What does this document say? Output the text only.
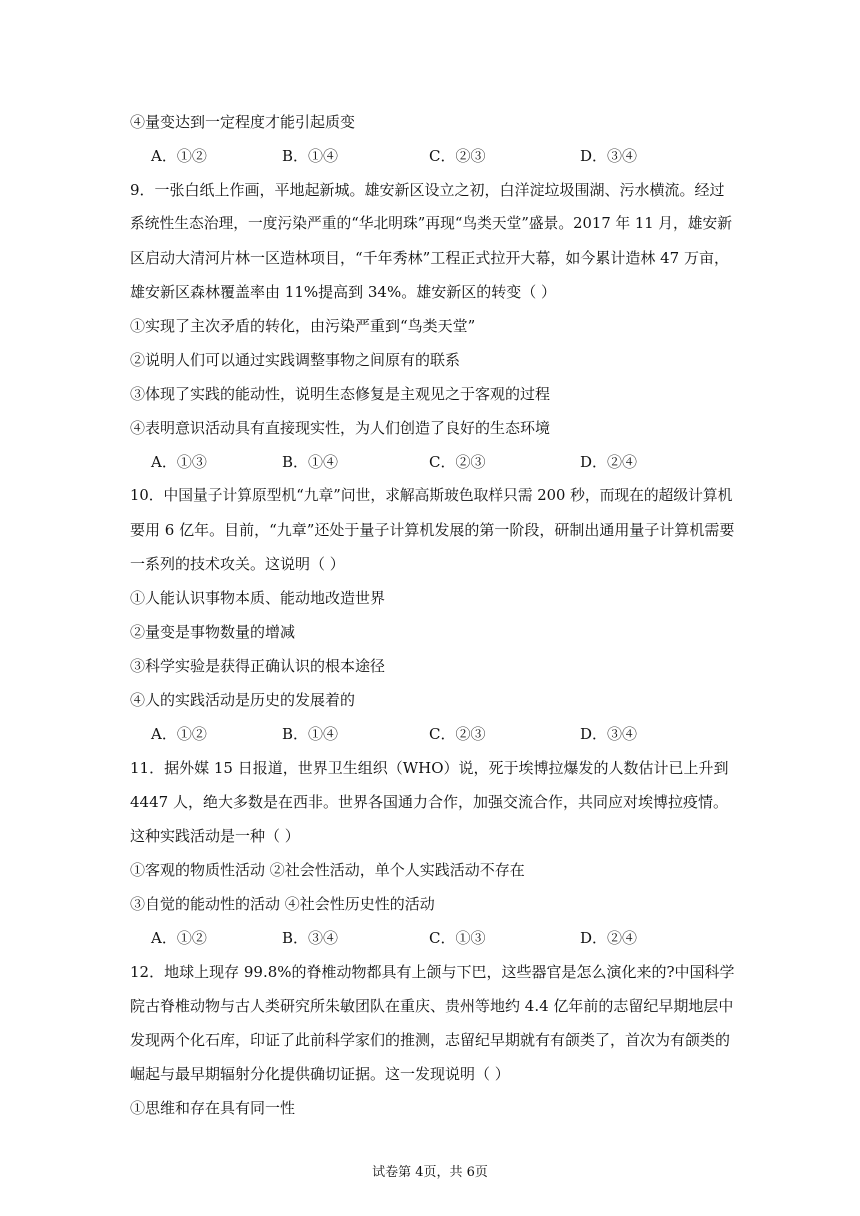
④量变达到一定程度才能引起质变
A．①②	B．①④	C．②③	D．③④
9．一张白纸上作画，平地起新城。雄安新区设立之初，白洋淀垃圾围湖、污水横流。经过
系统性生态治理，一度污染严重的“华北明珠”再现“鸟类天堂”盛景。2017 年 11 月，雄安新
区启动大清河片林一区造林项目，“千年秀林”工程正式拉开大幕，如今累计造林 47 万亩，
雄安新区森林覆盖率由 11%提高到 34%。雄安新区的转变（ ）
①实现了主次矛盾的转化，由污染严重到“鸟类天堂”
②说明人们可以通过实践调整事物之间原有的联系
③体现了实践的能动性，说明生态修复是主观见之于客观的过程
④表明意识活动具有直接现实性，为人们创造了良好的生态环境
A．①③	B．①④	C．②③	D．②④
10．中国量子计算原型机“九章”问世，求解高斯玻色取样只需 200 秒，而现在的超级计算机
要用 6 亿年。目前，“九章”还处于量子计算机发展的第一阶段，研制出通用量子计算机需要
一系列的技术攻关。这说明（ ）
①人能认识事物本质、能动地改造世界
②量变是事物数量的增减
③科学实验是获得正确认识的根本途径
④人的实践活动是历史的发展着的
A．①②	B．①④	C．②③	D．③④
11．据外媒 15 日报道，世界卫生组织（WHO）说，死于埃博拉爆发的人数估计已上升到
4447 人，绝大多数是在西非。世界各国通力合作，加强交流合作，共同应对埃博拉疫情。
这种实践活动是一种（ ）
①客观的物质性活动 ②社会性活动，单个人实践活动不存在
③自觉的能动性的活动 ④社会性历史性的活动
A．①②	B．③④	C．①③	D．②④
12．地球上现存 99.8%的脊椎动物都具有上颌与下巴，这些器官是怎么演化来的?中国科学
院古脊椎动物与古人类研究所朱敏团队在重庆、贵州等地约 4.4 亿年前的志留纪早期地层中
发现两个化石库，印证了此前科学家们的推测，志留纪早期就有有颌类了，首次为有颌类的
崛起与最早期辐射分化提供确切证据。这一发现说明（ ）
①思维和存在具有同一性
试卷第 4页，共 6页
